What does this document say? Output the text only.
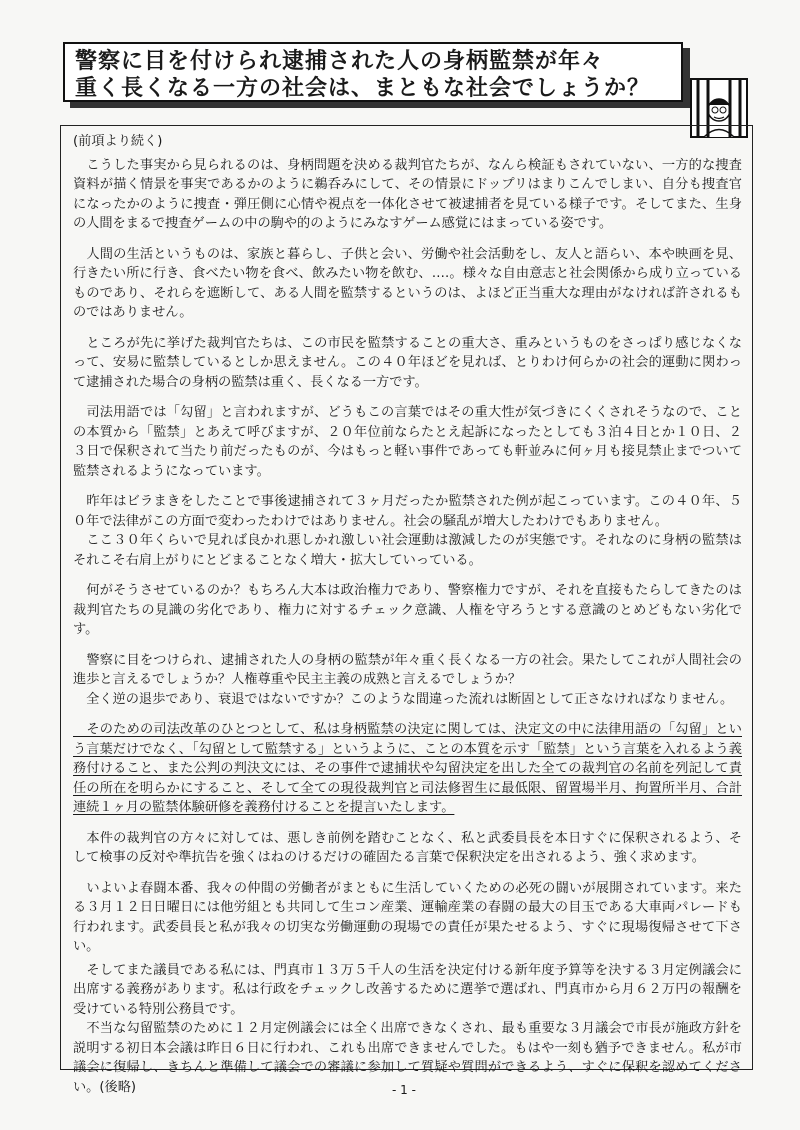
警察に目を付けられ逮捕された人の身柄監禁が年々
重く長くなる一方の社会は、まともな社会でしょうか？

(前項より続く)

　こうした事実から見られるのは、身柄問題を決める裁判官たちが、なんら検証もされていない、一方的な捜査資料が描く情景を事実であるかのように鵜呑みにして、その情景にドップリはまりこんでしまい、自分も捜査官になったかのように捜査・弾圧側に心情や視点を一体化させて被逮捕者を見ている様子です。そしてまた、生身の人間をまるで捜査ゲームの中の駒や的のようにみなすゲーム感覚にはまっている姿です。

　人間の生活というものは、家族と暮らし、子供と会い、労働や社会活動をし、友人と語らい、本や映画を見、行きたい所に行き、食べたい物を食べ、飲みたい物を飲む、‥‥。様々な自由意志と社会関係から成り立っているものであり、それらを遮断して、ある人間を監禁するというのは、よほど正当重大な理由がなければ許されるものではありません。

　ところが先に挙げた裁判官たちは、この市民を監禁することの重大さ、重みというものをさっぱり感じなくなって、安易に監禁しているとしか思えません。この４０年ほどを見れば、とりわけ何らかの社会的運動に関わって逮捕された場合の身柄の監禁は重く、長くなる一方です。

　司法用語では「勾留」と言われますが、どうもこの言葉ではその重大性が気づきにくくされそうなので、ことの本質から「監禁」とあえて呼びますが、２０年位前ならたとえ起訴になったとしても３泊４日とか１０日、２３日で保釈されて当たり前だったものが、今はもっと軽い事件であっても軒並みに何ヶ月も接見禁止までついて監禁されるようになっています。

　昨年はビラまきをしたことで事後逮捕されて３ヶ月だったか監禁された例が起こっています。この４０年、５０年で法律がこの方面で変わったわけではありません。社会の騒乱が増大したわけでもありません。

　ここ３０年くらいで見れば良かれ悪しかれ激しい社会運動は激減したのが実態です。それなのに身柄の監禁はそれこそ右肩上がりにとどまることなく増大・拡大していっている。

　何がそうさせているのか？もちろん大本は政治権力であり、警察権力ですが、それを直接もたらしてきたのは裁判官たちの見識の劣化であり、権力に対するチェック意識、人権を守ろうとする意識のとめどもない劣化です。

　警察に目をつけられ、逮捕された人の身柄の監禁が年々重く長くなる一方の社会。果たしてこれが人間社会の進歩と言えるでしょうか？人権尊重や民主主義の成熟と言えるでしょうか？

　全く逆の退歩であり、衰退ではないですか？このような間違った流れは断固として正さなければなりません。

　そのための司法改革のひとつとして、私は身柄監禁の決定に関しては、決定文の中に法律用語の「勾留」という言葉だけでなく、「勾留として監禁する」というように、ことの本質を示す「監禁」という言葉を入れるよう義務付けること、また公判の判決文には、その事件で逮捕状や勾留決定を出した全ての裁判官の名前を列記して責任の所在を明らかにすること、そして全ての現役裁判官と司法修習生に最低限、留置場半月、拘置所半月、合計連続１ヶ月の監禁体験研修を義務付けることを提言いたします。

　本件の裁判官の方々に対しては、悪しき前例を踏むことなく、私と武委員長を本日すぐに保釈されるよう、そして検事の反対や準抗告を強くはねのけるだけの確固たる言葉で保釈決定を出されるよう、強く求めます。

　いよいよ春闘本番、我々の仲間の労働者がまともに生活していくための必死の闘いが展開されています。来たる３月１２日日曜日には他労組とも共同して生コン産業、運輸産業の春闘の最大の目玉である大車両パレードも行われます。武委員長と私が我々の切実な労働運動の現場での責任が果たせるよう、すぐに現場復帰させて下さい。

　そしてまた議員である私には、門真市１３万５千人の生活を決定付ける新年度予算等を決する３月定例議会に出席する義務があります。私は行政をチェックし改善するために選挙で選ばれ、門真市から月６２万円の報酬を受けている特別公務員です。

　不当な勾留監禁のために１２月定例議会には全く出席できなくされ、最も重要な３月議会で市長が施政方針を説明する初日本会議は昨日６日に行われ、これも出席できませんでした。もはや一刻も猶予できません。私が市議会に復帰し、きちんと準備して議会での審議に参加して質疑や質問ができるよう、すぐに保釈を認めてください。(後略)	- 1 -
